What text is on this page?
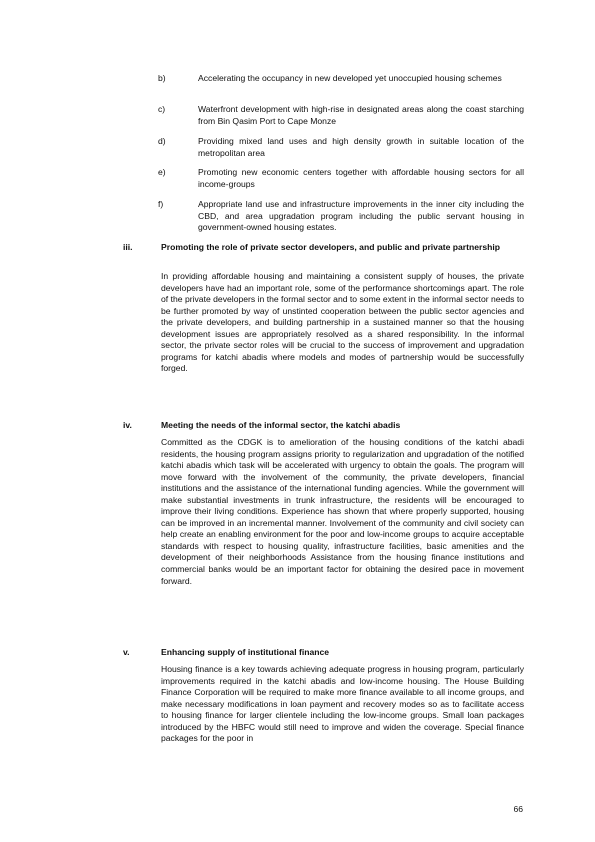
b)	Accelerating the occupancy in new developed yet unoccupied housing schemes
c)	Waterfront development with high-rise in designated areas along the coast starching from Bin Qasim Port to Cape Monze
d)	Providing mixed land uses and high density growth in suitable location of the metropolitan area
e)	Promoting new economic centers together with affordable housing sectors for all income-groups
f)	Appropriate land use and infrastructure improvements in the inner city including the CBD, and area upgradation program including the public servant housing in government-owned housing estates.
iii.	Promoting the role of private sector developers, and public and private partnership

In providing affordable housing and maintaining a consistent supply of houses, the private developers have had an important role, some of the performance shortcomings apart. The role of the private developers in the formal sector and to some extent in the informal sector needs to be further promoted by way of unstinted cooperation between the public sector agencies and the private developers, and building partnership in a sustained manner so that the housing development issues are appropriately resolved as a shared responsibility. In the informal sector, the private sector roles will be crucial to the success of improvement and upgradation programs for katchi abadis where models and modes of partnership would be successfully forged.

iv.	Meeting the needs of the informal sector, the katchi abadis

Committed as the CDGK is to amelioration of the housing conditions of the katchi abadi residents, the housing program assigns priority to regularization and upgradation of the notified katchi abadis which task will be accelerated with urgency to obtain the goals. The program will move forward with the involvement of the community, the private developers, financial institutions and the assistance of the international funding agencies. While the government will make substantial investments in trunk infrastructure, the residents will be encouraged to improve their living conditions. Experience has shown that where properly supported, housing can be improved in an incremental manner. Involvement of the community and civil society can help create an enabling environment for the poor and low-income groups to acquire acceptable standards with respect to housing quality, infrastructure facilities, basic amenities and the development of their neighborhoods Assistance from the housing finance institutions and commercial banks would be an important factor for obtaining the desired pace in movement forward.

v.	Enhancing supply of institutional finance

Housing finance is a key towards achieving adequate progress in housing program, particularly improvements required in the katchi abadis and low-income housing. The House Building Finance Corporation will be required to make more finance available to all income groups, and make necessary modifications in loan payment and recovery modes so as to facilitate access to housing finance for larger clientele including the low-income groups. Small loan packages introduced by the HBFC would still need to improve and widen the coverage. Special finance packages for the poor in

66
